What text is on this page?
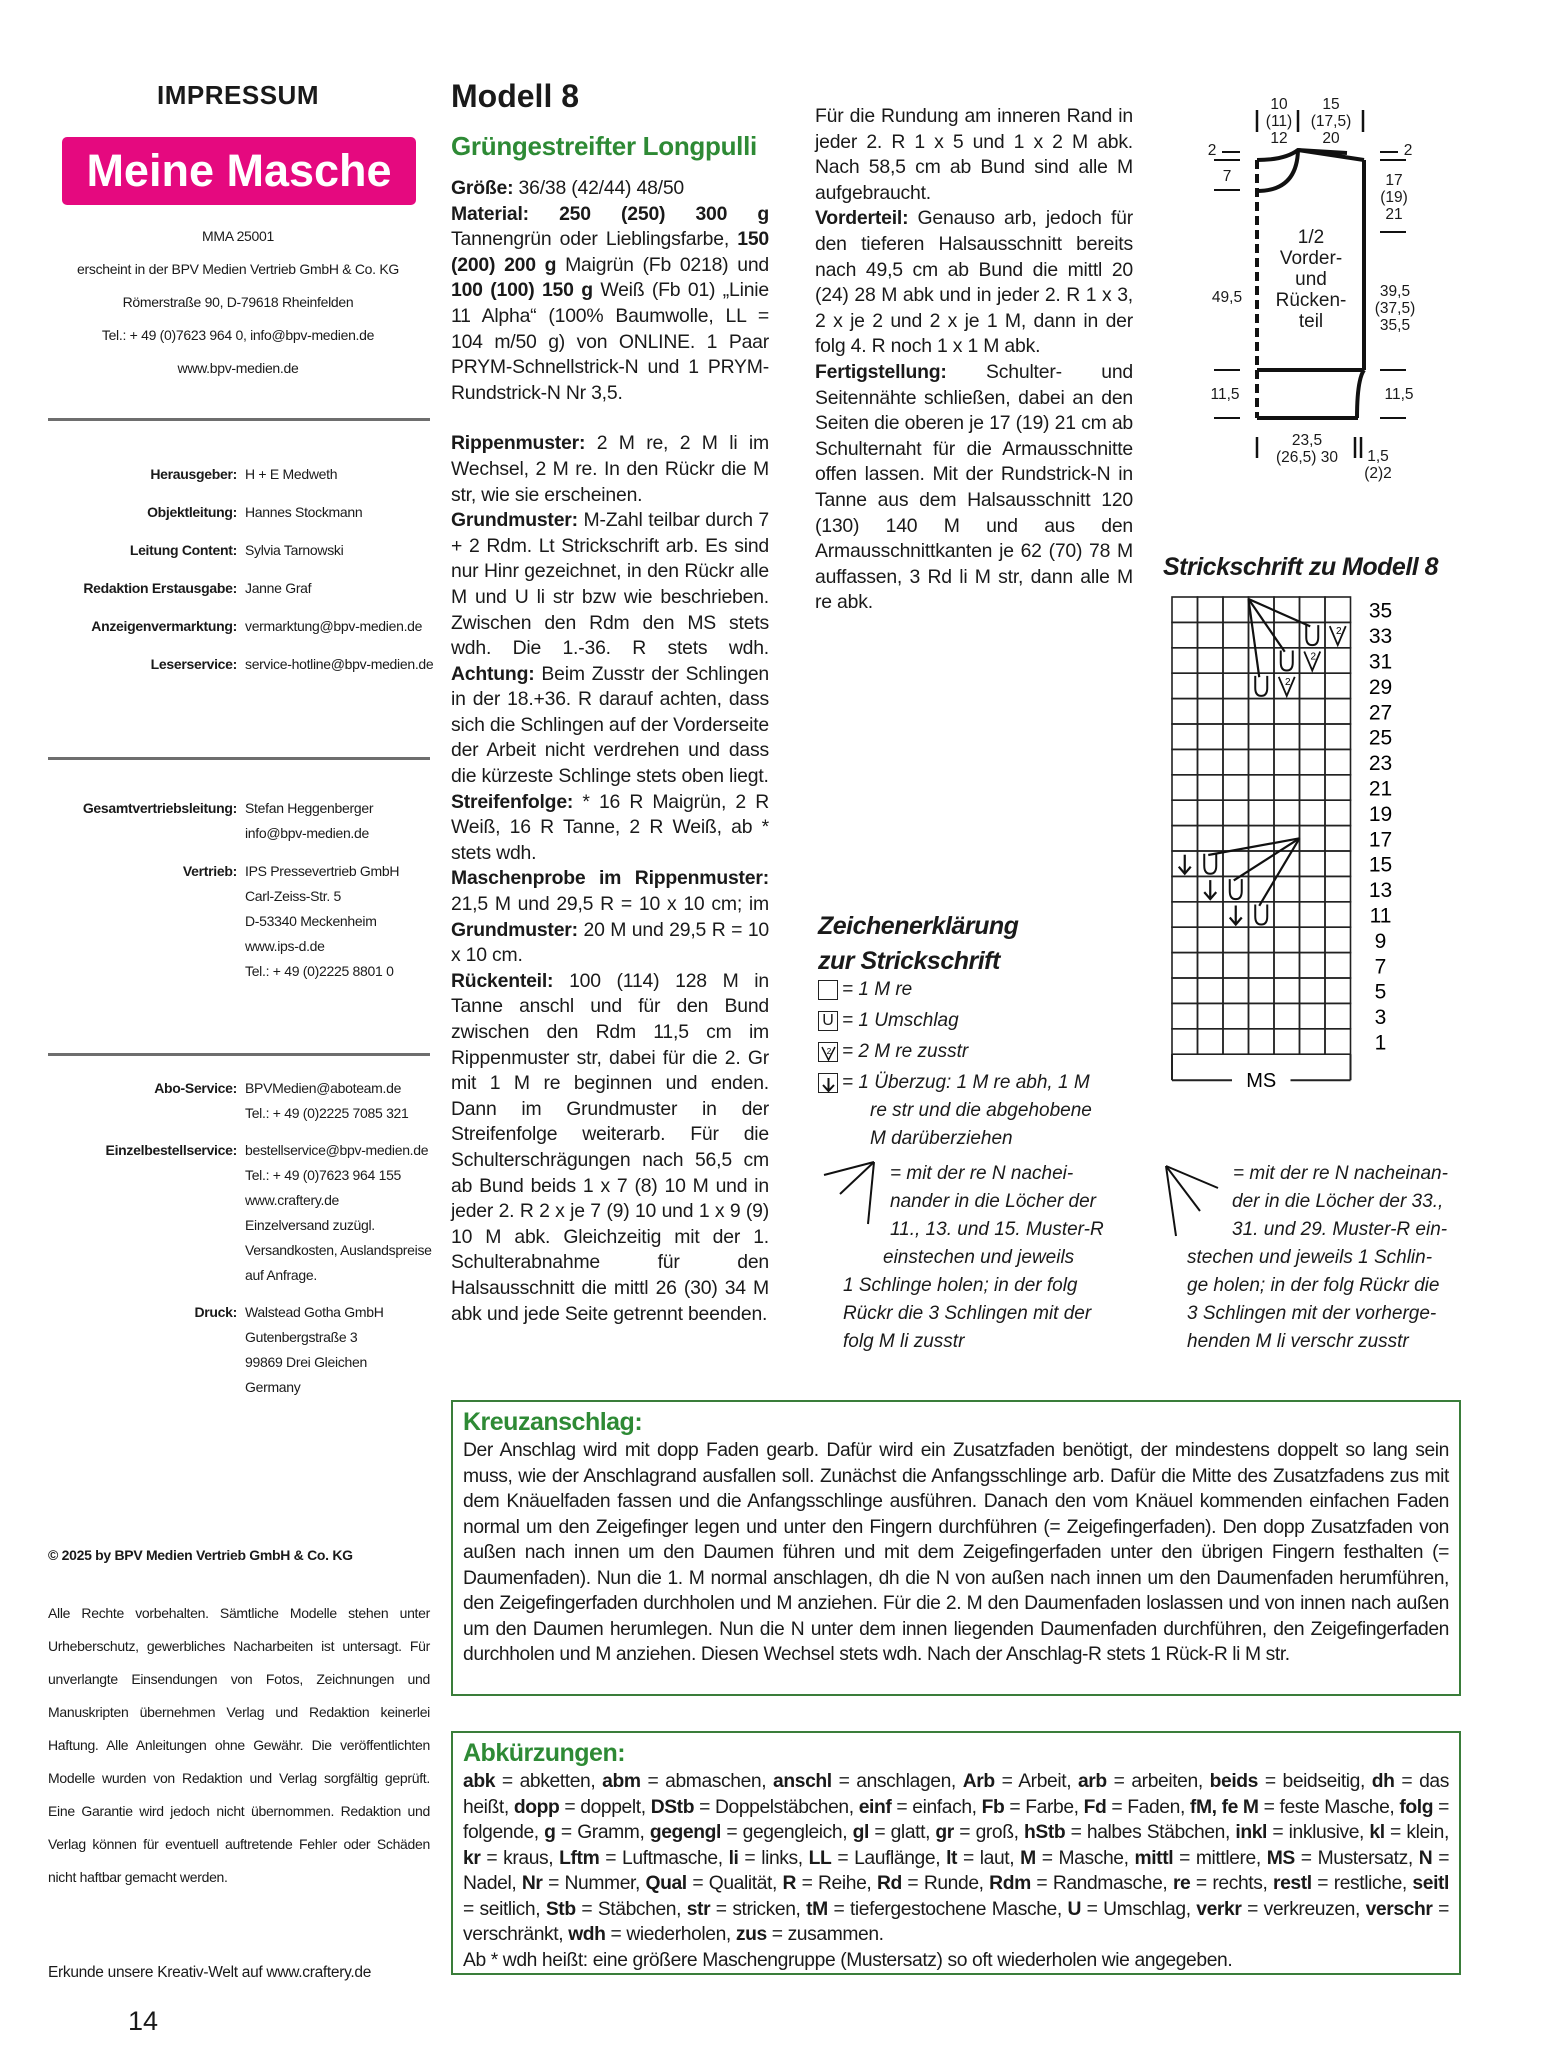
IMPRESSUM
Meine Masche
MMA 25001
erscheint in der BPV Medien Vertrieb GmbH & Co. KG
Römerstraße 90, D-79618 Rheinfelden
Tel.: + 49 (0)7623 964 0, info@bpv-medien.de
www.bpv-medien.de
Herausgeber: H + E Medweth
Objektleitung: Hannes Stockmann
Leitung Content: Sylvia Tarnowski
Redaktion Erstausgabe: Janne Graf
Anzeigenvermarktung: vermarktung@bpv-medien.de
Leserservice: service-hotline@bpv-medien.de
Gesamtvertriebsleitung: Stefan Heggenberger
info@bpv-medien.de
Vertrieb: IPS Pressevertrieb GmbH
Carl-Zeiss-Str. 5
D-53340 Meckenheim
www.ips-d.de
Tel.: + 49 (0)2225 8801 0
Abo-Service: BPVMedien@aboteam.de
Tel.: + 49 (0)2225 7085 321
Einzelbestellservice: bestellservice@bpv-medien.de
Tel.: + 49 (0)7623 964 155
www.craftery.de
Einzelversand zuzügl.
Versandkosten, Auslandspreise
auf Anfrage.
Druck: Walstead Gotha GmbH
Gutenbergstraße 3
99869 Drei Gleichen
Germany
© 2025 by BPV Medien Vertrieb GmbH & Co. KG
Alle Rechte vorbehalten. Sämtliche Modelle stehen unter Urheberschutz, gewerbliches Nacharbeiten ist untersagt. Für unverlangte Einsendungen von Fotos, Zeichnungen und Manuskripten übernehmen Verlag und Redaktion keinerlei Haftung. Alle Anleitungen ohne Gewähr. Die veröffentlichten Modelle wurden von Redaktion und Verlag sorgfältig geprüft. Eine Garantie wird jedoch nicht übernommen. Redaktion und Verlag können für eventuell auftretende Fehler oder Schäden nicht haftbar gemacht werden.
Erkunde unsere Kreativ-Welt auf www.craftery.de
14
Modell 8
Grüngestreifter Longpulli

Größe: 36/38 (42/44) 48/50

Material: 250 (250) 300 g Tannengrün oder Lieblingsfarbe, 150 (200) 200 g Maigrün (Fb 0218) und 100 (100) 150 g Weiß (Fb 01) „Linie 11 Alpha“ (100% Baumwolle, LL = 104 m/50 g) von ONLINE. 1 Paar PRYM-Schnellstrick-N und 1 PRYM-Rundstrick-N Nr 3,5.

Rippenmuster: 2 M re, 2 M li im Wechsel, 2 M re. In den Rückr die M str, wie sie erscheinen.

Grundmuster: M-Zahl teilbar durch 7 + 2 Rdm. Lt Strickschrift arb. Es sind nur Hinr gezeichnet, in den Rückr alle M und U li str bzw wie beschrieben. Zwischen den Rdm den MS stets wdh. Die 1.-36. R stets wdh. Achtung: Beim Zusstr der Schlingen in der 18.+36. R darauf achten, dass sich die Schlingen auf der Vorderseite der Arbeit nicht verdrehen und dass die kürzeste Schlinge stets oben liegt.

Streifenfolge: * 16 R Maigrün, 2 R Weiß, 16 R Tanne, 2 R Weiß, ab * stets wdh.

Maschenprobe im Rippenmuster: 21,5 M und 29,5 R = 10 x 10 cm; im Grundmuster: 20 M und 29,5 R = 10 x 10 cm.

Rückenteil: 100 (114) 128 M in Tanne anschl und für den Bund zwischen den Rdm 11,5 cm im Rippenmuster str, dabei für die 2. Gr mit 1 M re beginnen und enden. Dann im Grundmuster in der Streifenfolge weiterarb. Für die Schulterschrägungen nach 56,5 cm ab Bund beids 1 x 7 (8) 10 M und in jeder 2. R 2 x je 7 (9) 10 und 1 x 9 (9) 10 M abk. Gleichzeitig mit der 1. Schulterabnahme für den Halsausschnitt die mittl 26 (30) 34 M abk und jede Seite getrennt beenden.

Für die Rundung am inneren Rand in jeder 2. R 1 x 5 und 1 x 2 M abk. Nach 58,5 cm ab Bund sind alle M aufgebraucht.

Vorderteil: Genauso arb, jedoch für den tieferen Halsausschnitt bereits nach 49,5 cm ab Bund die mittl 20 (24) 28 M abk und in jeder 2. R 1 x 3, 2 x je 2 und 2 x je 1 M, dann in der folg 4. R noch 1 x 1 M abk.

Fertigstellung: Schulter- und Seitennähte schließen, dabei an den Seiten die oberen je 17 (19) 21 cm ab Schulternaht für die Armausschnitte offen lassen. Mit der Rundstrick-N in Tanne aus dem Halsausschnitt 120 (130) 140 M und aus den Armausschnittkanten je 62 (70) 78 M auffassen, 3 Rd li M str, dann alle M re abk.

10
(11)
12
15
(17,5)
20
2
7
49,5
11,5
2
17
(19)
21
39,5
(37,5)
35,5
11,5
23,5
(26,5) 30	1,5
(2)2
1/2
Vorder-
und
Rücken-
teil
Strickschrift zu Modell 8
MS
35
33
31
29
27
25
23
21
19
17
15
13
11
9
7
5
3
1
2
2
2
Zeichenerklärung
zur Strickschrift
= 1 M re
U = 1 Umschlag
2 = 2 M re zusstr
= 1 Überzug: 1 M re abh, 1 M
re str und die abgehobene
M darüberziehen
= mit der re N nachei-
nander in die Löcher der
11., 13. und 15. Muster-R
einstechen und jeweils
1 Schlinge holen; in der folg
Rückr die 3 Schlingen mit der
folg M li zusstr
= mit der re N nacheinan-
der in die Löcher der 33.,
31. und 29. Muster-R ein-
stechen und jeweils 1 Schlin-
ge holen; in der folg Rückr die
3 Schlingen mit der vorherge-
henden M li verschr zusstr
Kreuzanschlag:
Der Anschlag wird mit dopp Faden gearb. Dafür wird ein Zusatzfaden benötigt, der mindestens doppelt so lang sein muss, wie der Anschlagrand ausfallen soll. Zunächst die Anfangsschlinge arb. Dafür die Mitte des Zusatzfadens zus mit dem Knäuelfaden fassen und die Anfangsschlinge ausführen. Danach den vom Knäuel kommenden einfachen Faden normal um den Zeigefinger legen und unter den Fingern durchführen (= Zeigefingerfaden). Den dopp Zusatzfaden von außen nach innen um den Daumen führen und mit dem Zeigefingerfaden unter den übrigen Fingern festhalten (= Daumenfaden). Nun die 1. M normal anschlagen, dh die N von außen nach innen um den Daumenfaden herumführen, den Zeigefingerfaden durchholen und M anziehen. Für die 2. M den Daumenfaden loslassen und von innen nach außen um den Daumen herumlegen. Nun die N unter dem innen liegenden Daumenfaden durchführen, den Zeigefingerfaden durchholen und M anziehen. Diesen Wechsel stets wdh. Nach der Anschlag-R stets 1 Rück-R li M str.
Abkürzungen:
abk = abketten, abm = abmaschen, anschl = anschlagen, Arb = Arbeit, arb = arbeiten, beids = beidseitig, dh = das heißt, dopp = doppelt, DStb = Doppelstäbchen, einf = einfach, Fb = Farbe, Fd = Faden, fM, fe M = feste Masche, folg = folgende, g = Gramm, gegengl = gegengleich, gl = glatt, gr = groß, hStb = halbes Stäbchen, inkl = inklusive, kl = klein, kr = kraus, Lftm = Luftmasche, li = links, LL = Lauflänge, lt = laut, M = Masche, mittl = mittlere, MS = Mustersatz, N = Nadel, Nr = Nummer, Qual = Qualität, R = Reihe, Rd = Runde, Rdm = Randmasche, re = rechts, restl = restliche, seitl = seitlich, Stb = Stäbchen, str = stricken, tM = tiefergestochene Masche, U = Umschlag, verkr = verkreuzen, verschr = verschränkt, wdh = wiederholen, zus = zusammen.
Ab * wdh heißt: eine größere Maschengruppe (Mustersatz) so oft wiederholen wie angegeben.
